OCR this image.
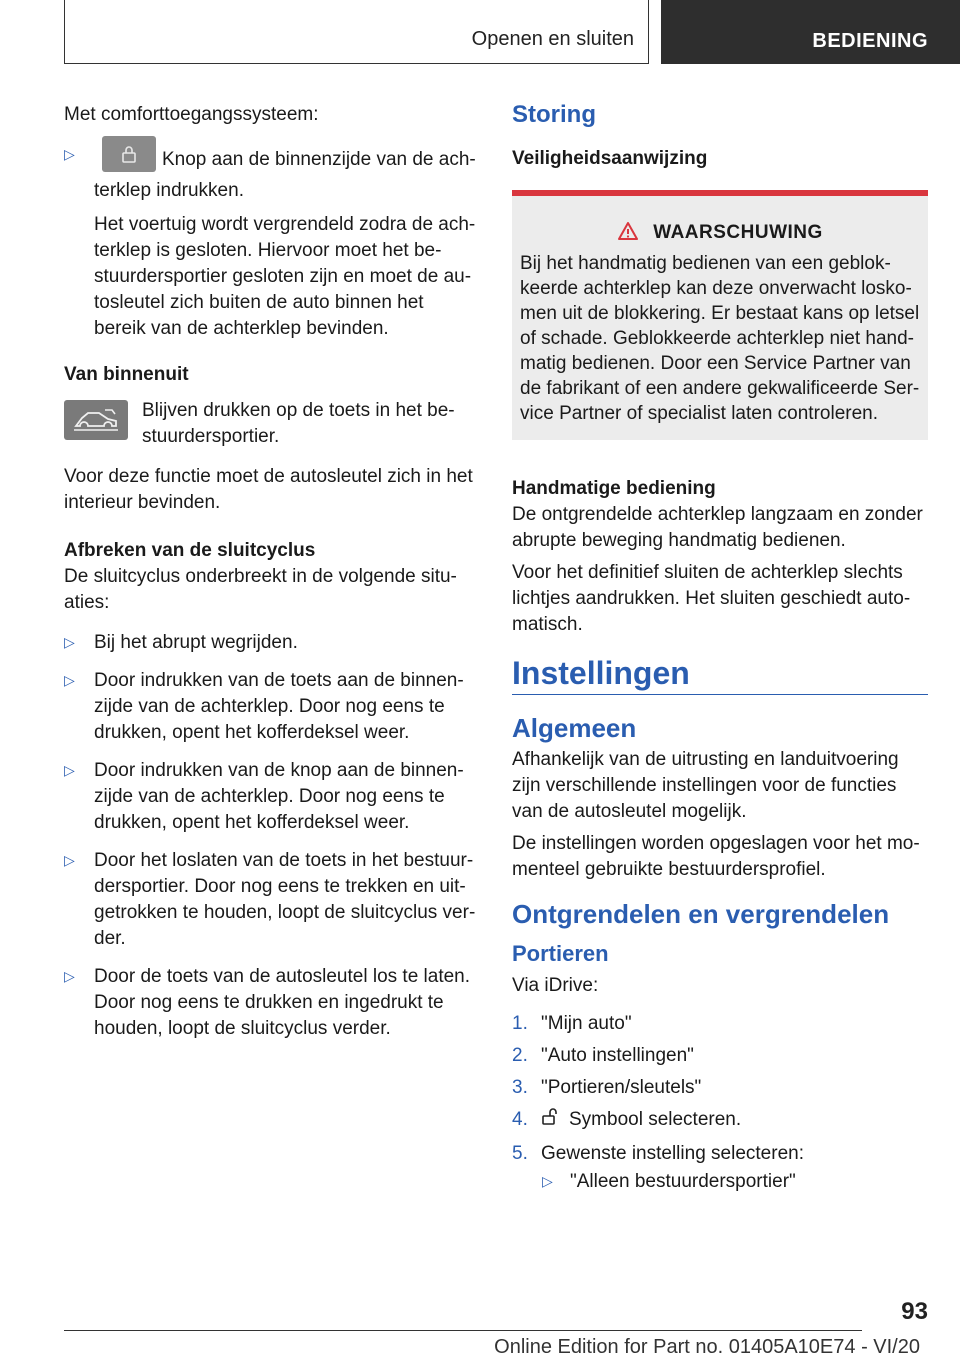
Openen en sluiten	BEDIENING

Met comforttoegangssysteem:

▷	Knop aan de binnenzijde van de ach‐terklep indrukken.

Het voertuig wordt vergrendeld zodra de ach‐terklep is gesloten. Hiervoor moet het be‐stuurdersportier gesloten zijn en moet de au‐tosleutel zich buiten de auto binnen het bereik van de achterklep bevinden.

Van binnenuit

Blijven drukken op de toets in het be‐stuurdersportier.

Voor deze functie moet de autosleutel zich in het interieur bevinden.

Afbreken van de sluitcyclus

De sluitcyclus onderbreekt in de volgende situ‐aties:

▷ Bij het abrupt wegrijden.

▷ Door indrukken van de toets aan de binnen‐zijde van de achterklep. Door nog eens te drukken, opent het kofferdeksel weer.

▷ Door indrukken van de knop aan de binnen‐zijde van de achterklep. Door nog eens te drukken, opent het kofferdeksel weer.

▷ Door het loslaten van de toets in het bestuur‐dersportier. Door nog eens te trekken en uit‐getrokken te houden, loopt de sluitcyclus ver‐der.

▷ Door de toets van de autosleutel los te laten. Door nog eens te drukken en ingedrukt te houden, loopt de sluitcyclus verder.

Storing

Veiligheidsaanwijzing

WAARSCHUWING

Bij het handmatig bedienen van een geblok‐keerde achterklep kan deze onverwacht losko‐men uit de blokkering. Er bestaat kans op letsel of schade. Geblokkeerde achterklep niet hand‐matig bedienen. Door een Service Partner van de fabrikant of een andere gekwalificeerde Ser‐vice Partner of specialist laten controleren.

Handmatige bediening

De ontgrendelde achterklep langzaam en zonder abrupte beweging handmatig bedienen.

Voor het definitief sluiten de achterklep slechts lichtjes aandrukken. Het sluiten geschiedt auto‐matisch.

Instellingen

Algemeen

Afhankelijk van de uitrusting en landuitvoering zijn verschillende instellingen voor de functies van de autosleutel mogelijk.

De instellingen worden opgeslagen voor het mo‐menteel gebruikte bestuurdersprofiel.

Ontgrendelen en vergrendelen

Portieren

Via iDrive:

1. "Mijn auto"
2. "Auto instellingen"
3. "Portieren/sleutels"
4. Symbool selecteren.
5. Gewenste instelling selecteren:
▷ "Alleen bestuurdersportier"
93
Online Edition for Part no. 01405A10E74 - VI/20
